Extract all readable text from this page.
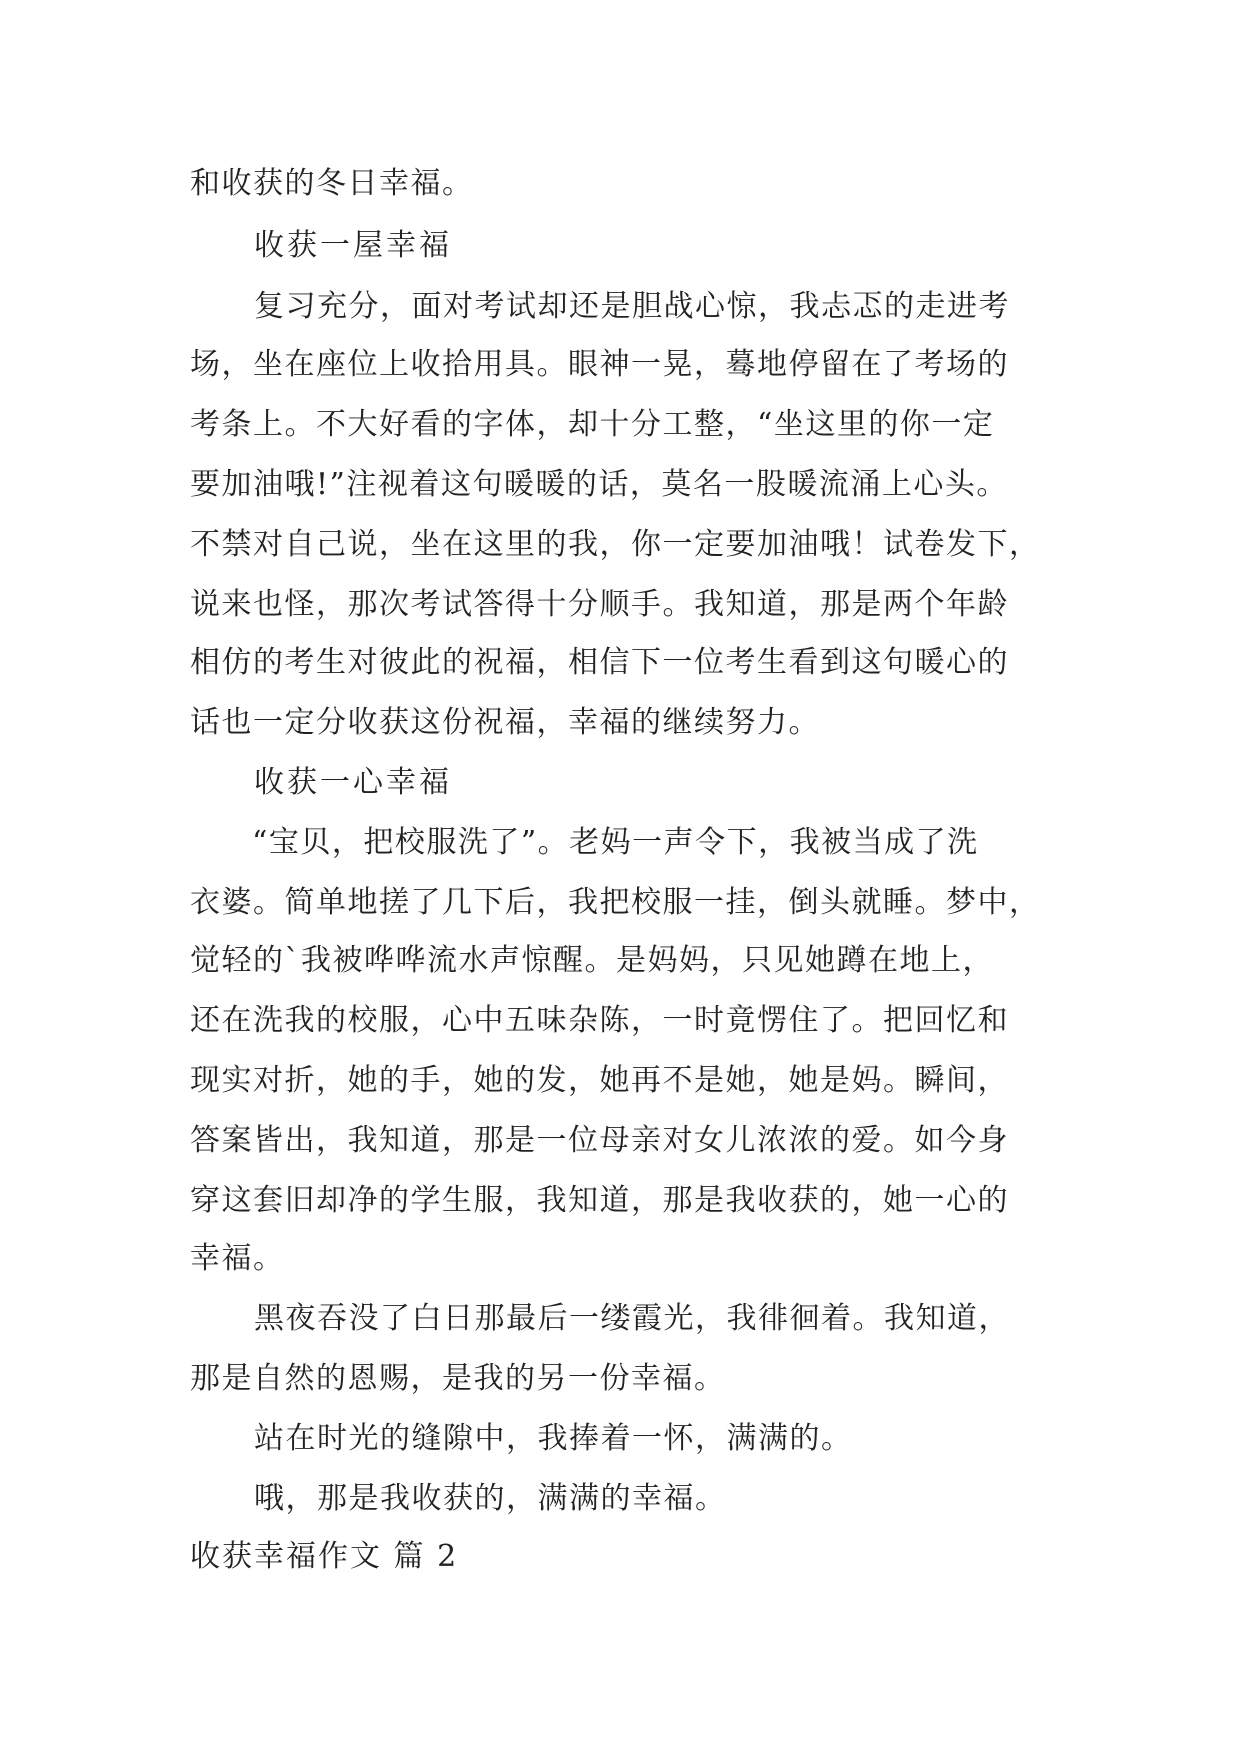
和收获的冬日幸福。

收获一屋幸福

复习充分，面对考试却还是胆战心惊，我忐忑的走进考

场，坐在座位上收拾用具。眼神一晃，蓦地停留在了考场的

考条上。不大好看的字体，却十分工整，“坐这里的你一定

要加油哦!”注视着这句暖暖的话，莫名一股暖流涌上心头。

不禁对自己说，坐在这里的我，你一定要加油哦！试卷发下，

说来也怪，那次考试答得十分顺手。我知道，那是两个年龄

相仿的考生对彼此的祝福，相信下一位考生看到这句暖心的

话也一定分收获这份祝福，幸福的继续努力。

收获一心幸福

“宝贝，把校服洗了”。老妈一声令下，我被当成了洗

衣婆。简单地搓了几下后，我把校服一挂，倒头就睡。梦中，

觉轻的`我被哗哗流水声惊醒。是妈妈，只见她蹲在地上，

还在洗我的校服，心中五味杂陈，一时竟愣住了。把回忆和

现实对折，她的手，她的发，她再不是她，她是妈。瞬间，

答案皆出，我知道，那是一位母亲对女儿浓浓的爱。如今身

穿这套旧却净的学生服，我知道，那是我收获的，她一心的

幸福。

黑夜吞没了白日那最后一缕霞光，我徘徊着。我知道，

那是自然的恩赐，是我的另一份幸福。

站在时光的缝隙中，我捧着一怀，满满的。

哦，那是我收获的，满满的幸福。

收获幸福作文 篇 2
